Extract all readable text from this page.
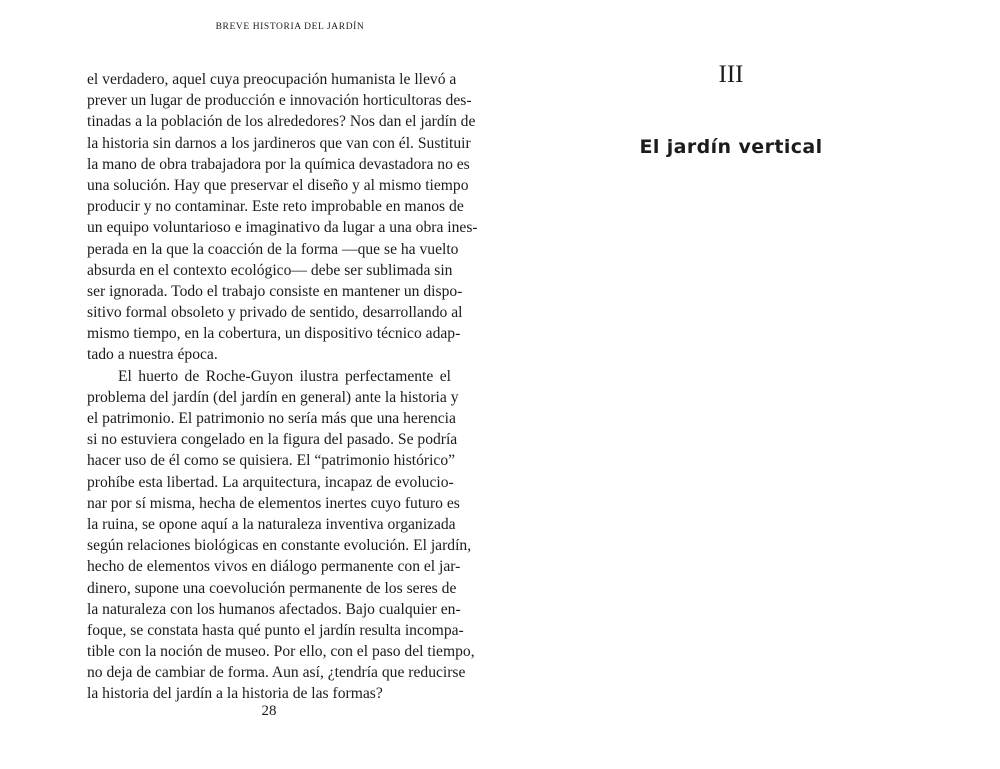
BREVE HISTORIA DEL JARDÍN
el verdadero, aquel cuya preocupación humanista le llevó a
prever un lugar de producción e innovación horticultoras des-
tinadas a la población de los alrededores? Nos dan el jardín de
la historia sin darnos a los jardineros que van con él. Sustituir
la mano de obra trabajadora por la química devastadora no es
una solución. Hay que preservar el diseño y al mismo tiempo
producir y no contaminar. Este reto improbable en manos de
un equipo voluntarioso e imaginativo da lugar a una obra ines-
perada en la que la coacción de la forma —que se ha vuelto
absurda en el contexto ecológico— debe ser sublimada sin
ser ignorada. Todo el trabajo consiste en mantener un dispo-
sitivo formal obsoleto y privado de sentido, desarrollando al
mismo tiempo, en la cobertura, un dispositivo técnico adap-
tado a nuestra época.
El huerto de Roche-Guyon ilustra perfectamente el
problema del jardín (del jardín en general) ante la historia y
el patrimonio. El patrimonio no sería más que una herencia
si no estuviera congelado en la figura del pasado. Se podría
hacer uso de él como se quisiera. El “patrimonio histórico”
prohíbe esta libertad. La arquitectura, incapaz de evolucio-
nar por sí misma, hecha de elementos inertes cuyo futuro es
la ruina, se opone aquí a la naturaleza inventiva organizada
según relaciones biológicas en constante evolución. El jardín,
hecho de elementos vivos en diálogo permanente con el jar-
dinero, supone una coevolución permanente de los seres de
la naturaleza con los humanos afectados. Bajo cualquier en-
foque, se constata hasta qué punto el jardín resulta incompa-
tible con la noción de museo. Por ello, con el paso del tiempo,
no deja de cambiar de forma. Aun así, ¿tendría que reducirse
la historia del jardín a la historia de las formas?
28
III
El jardín vertical
